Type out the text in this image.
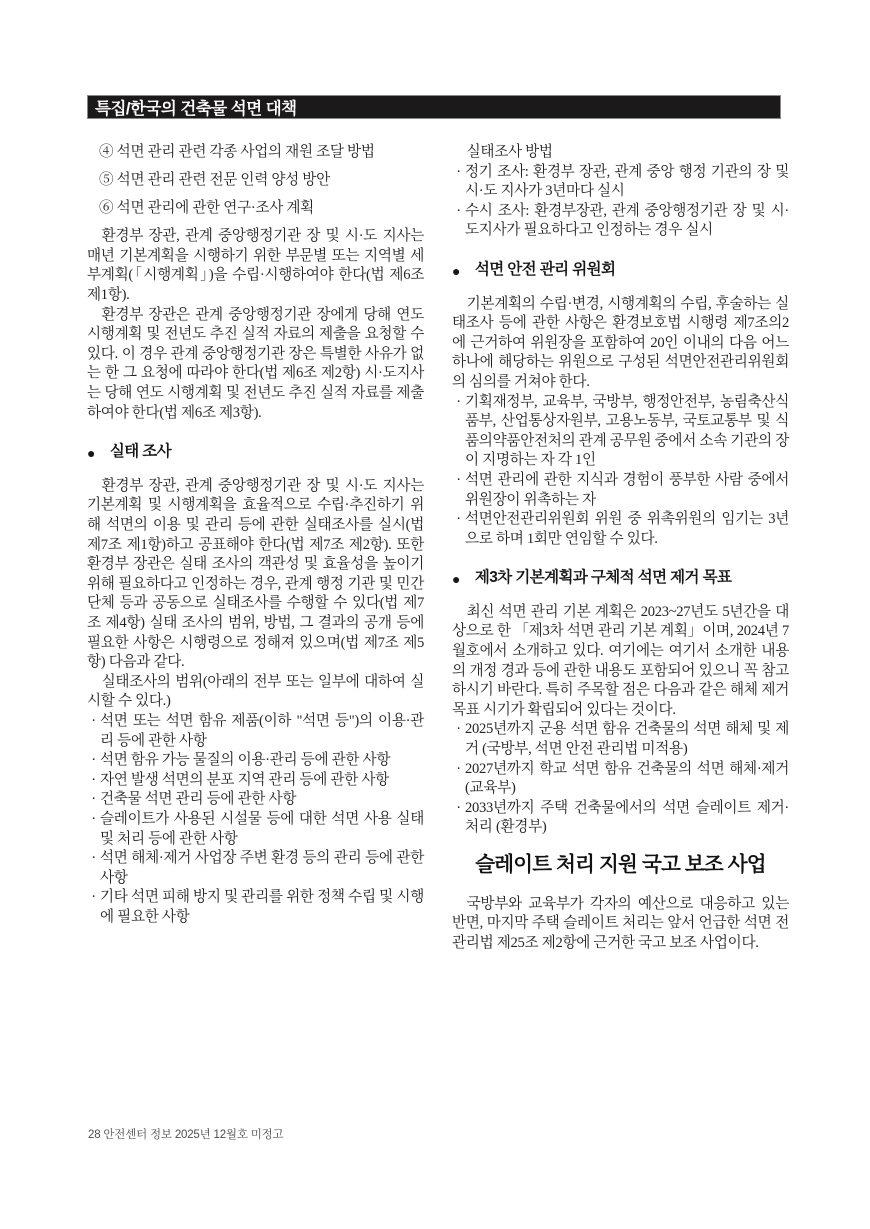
특집/한국의 건축물 석면 대책
④ 석면 관리 관련 각종 사업의 재원 조달 방법
⑤ 석면 관리 관련 전문 인력 양성 방안
⑥ 석면 관리에 관한 연구·조사 계획

환경부 장관, 관계 중앙행정기관 장 및 시·도 지사는 매년 기본계획을 시행하기 위한 부문별 또는 지역별 세부계획(「시행계획」)을 수립·시행하여야 한다(법 제6조 제1항).

환경부 장관은 관계 중앙행정기관 장에게 당해 연도 시행계획 및 전년도 추진 실적 자료의 제출을 요청할 수 있다. 이 경우 관계 중앙행정기관 장은 특별한 사유가 없는 한 그 요청에 따라야 한다(법 제6조 제2항) 시·도지사는 당해 연도 시행계획 및 전년도 추진 실적 자료를 제출하여야 한다(법 제6조 제3항).

● 실태 조사

환경부 장관, 관계 중앙행정기관 장 및 시·도 지사는 기본계획 및 시행계획을 효율적으로 수립·추진하기 위해 석면의 이용 및 관리 등에 관한 실태조사를 실시(법 제7조 제1항)하고 공표해야 한다(법 제7조 제2항). 또한 환경부 장관은 실태 조사의 객관성 및 효율성을 높이기 위해 필요하다고 인정하는 경우, 관계 행정 기관 및 민간 단체 등과 공동으로 실태조사를 수행할 수 있다(법 제7조 제4항) 실태 조사의 범위, 방법, 그 결과의 공개 등에 필요한 사항은 시행령으로 정해져 있으며(법 제7조 제5항) 다음과 같다.

실태조사의 범위(아래의 전부 또는 일부에 대하여 실시할 수 있다.)

· 석면 또는 석면 함유 제품(이하 "석면 등")의 이용·관리 등에 관한 사항
· 석면 함유 가능 물질의 이용·관리 등에 관한 사항
· 자연 발생 석면의 분포 지역 관리 등에 관한 사항
· 건축물 석면 관리 등에 관한 사항
· 슬레이트가 사용된 시설물 등에 대한 석면 사용 실태 및 처리 등에 관한 사항
· 석면 해체·제거 사업장 주변 환경 등의 관리 등에 관한 사항
· 기타 석면 피해 방지 및 관리를 위한 정책 수립 및 시행에 필요한 사항

실태조사 방법

· 정기 조사: 환경부 장관, 관계 중앙 행정 기관의 장 및 시·도 지사가 3년마다 실시
· 수시 조사: 환경부장관, 관계 중앙행정기관 장 및 시·도지사가 필요하다고 인정하는 경우 실시
● 석면 안전 관리 위원회

기본계획의 수립·변경, 시행계획의 수립, 후술하는 실태조사 등에 관한 사항은 환경보호법 시행령 제7조의2에 근거하여 위원장을 포함하여 20인 이내의 다음 어느 하나에 해당하는 위원으로 구성된 석면안전관리위원회의 심의를 거쳐야 한다.

· 기획재정부, 교육부, 국방부, 행정안전부, 농림축산식품부, 산업통상자원부, 고용노동부, 국토교통부 및 식품의약품안전처의 관계 공무원 중에서 소속 기관의 장이 지명하는 자 각 1인
· 석면 관리에 관한 지식과 경험이 풍부한 사람 중에서 위원장이 위촉하는 자
· 석면안전관리위원회 위원 중 위촉위원의 임기는 3년으로 하며 1회만 연임할 수 있다.
● 제3차 기본계획과 구체적 석면 제거 목표

최신 석면 관리 기본 계획은 2023~27년도 5년간을 대상으로 한 「제3차 석면 관리 기본 계획」이며, 2024년 7월호에서 소개하고 있다. 여기에는 여기서 소개한 내용의 개정 경과 등에 관한 내용도 포함되어 있으니 꼭 참고하시기 바란다. 특히 주목할 점은 다음과 같은 해체 제거 목표 시기가 확립되어 있다는 것이다.

· 2025년까지 군용 석면 함유 건축물의 석면 해체 및 제거 (국방부, 석면 안전 관리법 미적용)
· 2027년까지 학교 석면 함유 건축물의 석면 해체·제거 (교육부)
· 2033년까지 주택 건축물에서의 석면 슬레이트 제거·처리 (환경부)
슬레이트 처리 지원 국고 보조 사업

국방부와 교육부가 각자의 예산으로 대응하고 있는 반면, 마지막 주택 슬레이트 처리는 앞서 언급한 석면 전 관리법 제25조 제2항에 근거한 국고 보조 사업이다.

28 안전센터 정보 2025년 12월호 미정고
